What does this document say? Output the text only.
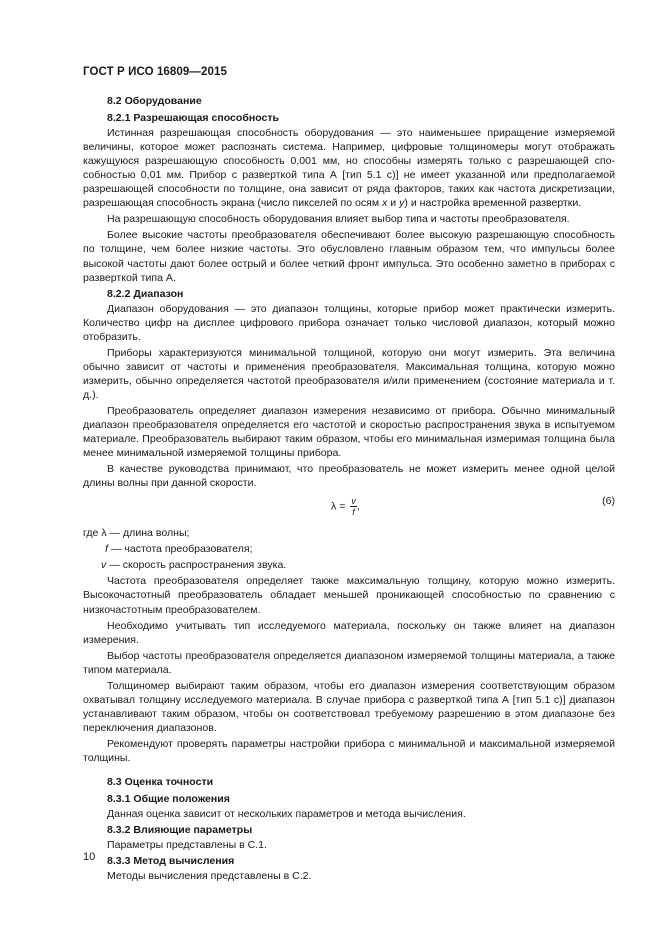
ГОСТ Р ИСО 16809—2015
8.2 Оборудование
8.2.1 Разрешающая способность

Истинная разрешающая способность оборудования — это наименьшее приращение измеряемой величины, которое может распознать система. Например, цифровые толщиномеры могут отображать кажущуюся разрешающую способность 0,001 мм, но способны измерять только с разрешающей способностью 0,01 мм. Прибор с разверткой типа А [тип 5.1 с)] не имеет указанной или предполагаемой разрешающей способности по толщине, она зависит от ряда факторов, таких как частота дискретизации, разрешающая способность экрана (число пикселей по осям x и y) и настройка временной развертки.

На разрешающую способность оборудования влияет выбор типа и частоты преобразователя.

Более высокие частоты преобразователя обеспечивают более высокую разрешающую способность по толщине, чем более низкие частоты. Это обусловлено главным образом тем, что импульсы более высокой частоты дают более острый и более четкий фронт импульса. Это особенно заметно в приборах с разверткой типа А.

8.2.2 Диапазон

Диапазон оборудования — это диапазон толщины, которые прибор может практически измерить. Количество цифр на дисплее цифрового прибора означает только числовой диапазон, который можно отобразить.

Приборы характеризуются минимальной толщиной, которую они могут измерить. Эта величина обычно зависит от частоты и применения преобразователя. Максимальная толщина, которую можно измерить, обычно определяется частотой преобразователя и/или применением (состояние материала и т. д.).

Преобразователь определяет диапазон измерения независимо от прибора. Обычно минимальный диапазон преобразователя определяется его частотой и скоростью распространения звука в испытуемом материале. Преобразователь выбирают таким образом, чтобы его минимальная измеримая толщина была менее минимальной измеряемой толщины прибора.

В качестве руководства принимают, что преобразователь не может измерить менее одной целой длины волны при данной скорости.

$\lambda = \frac{v}{f}$ ,	(6)
где λ — длина волны;
f — частота преобразователя;
v — скорость распространения звука.

Частота преобразователя определяет также максимальную толщину, которую можно измерить. Высокочастотный преобразователь обладает меньшей проникающей способностью по сравнению с низкочастотным преобразователем.

Необходимо учитывать тип исследуемого материала, поскольку он также влияет на диапазон измерения.

Выбор частоты преобразователя определяется диапазоном измеряемой толщины материала, а также типом материала.

Толщиномер выбирают таким образом, чтобы его диапазон измерения соответствующим образом охватывал толщину исследуемого материала. В случае прибора с разверткой типа А [тип 5.1 с)] диапазон устанавливают таким образом, чтобы он соответствовал требуемому разрешению в этом диапазоне без переключения диапазонов.

Рекомендуют проверять параметры настройки прибора с минимальной и максимальной измеряемой толщины.

8.3 Оценка точности
8.3.1 Общие положения

Данная оценка зависит от нескольких параметров и метода вычисления.

8.3.2 Влияющие параметры

Параметры представлены в С.1.

8.3.3 Метод вычисления

Методы вычисления представлены в С.2.

10
